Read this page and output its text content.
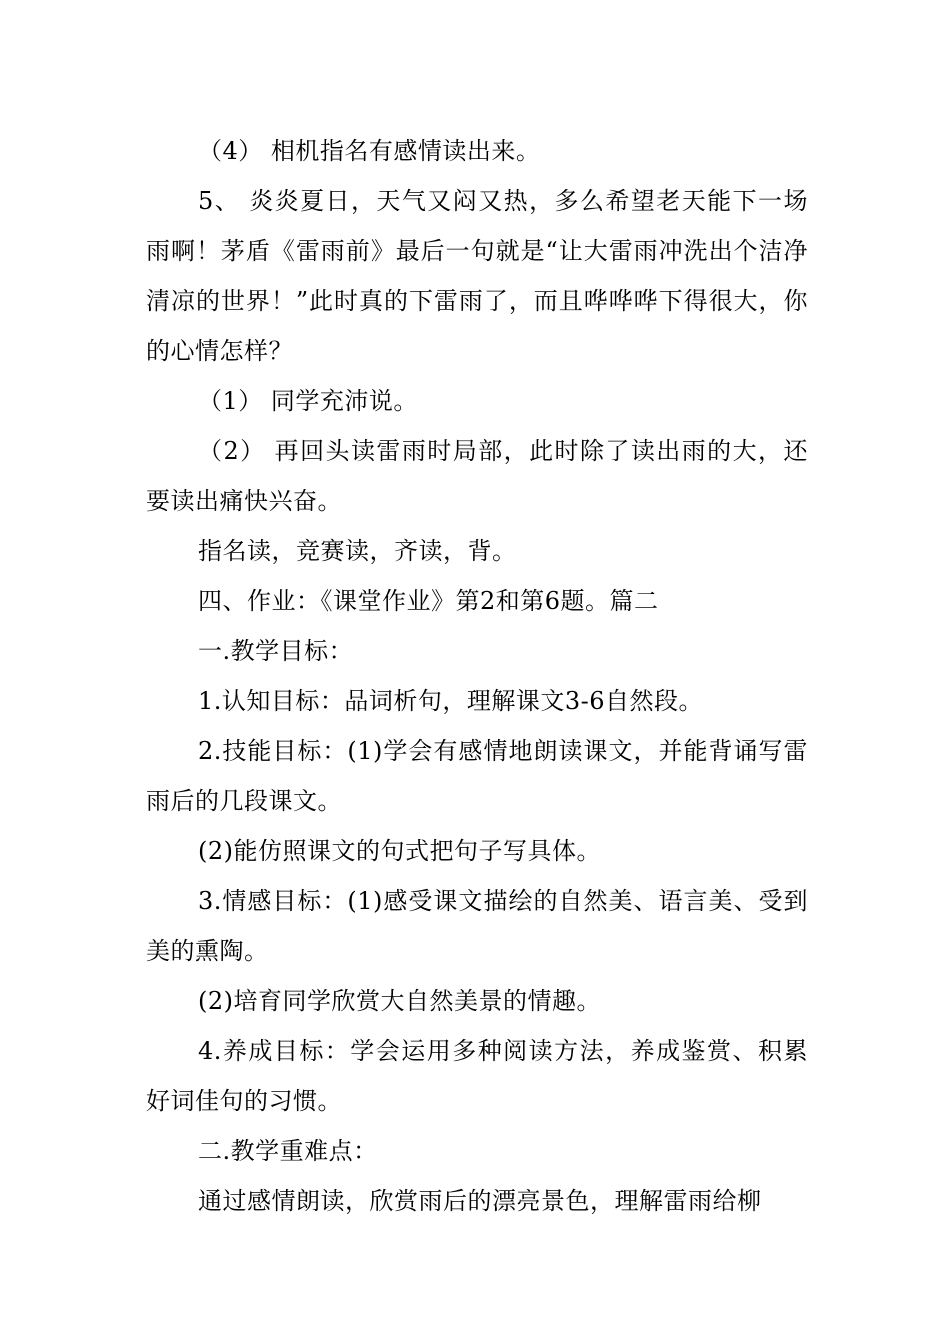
（4） 相机指名有感情读出来。

5、 炎炎夏日，天气又闷又热，多么希望老天能下一场雨啊！茅盾《雷雨前》最后一句就是“让大雷雨冲洗出个洁净清凉的世界！”此时真的下雷雨了，而且哗哗哗下得很大，你的心情怎样？

（1） 同学充沛说。

（2） 再回头读雷雨时局部，此时除了读出雨的大，还要读出痛快兴奋。

指名读，竞赛读，齐读，背。

四、作业：《课堂作业》第2和第6题。篇二

一.教学目标：

1.认知目标：品词析句，理解课文3-6自然段。

2.技能目标：(1)学会有感情地朗读课文，并能背诵写雷雨后的几段课文。

(2)能仿照课文的句式把句子写具体。

3.情感目标：(1)感受课文描绘的自然美、语言美、受到美的熏陶。

(2)培育同学欣赏大自然美景的情趣。

4.养成目标：学会运用多种阅读方法，养成鉴赏、积累好词佳句的习惯。

二.教学重难点：

通过感情朗读，欣赏雨后的漂亮景色，理解雷雨给柳
